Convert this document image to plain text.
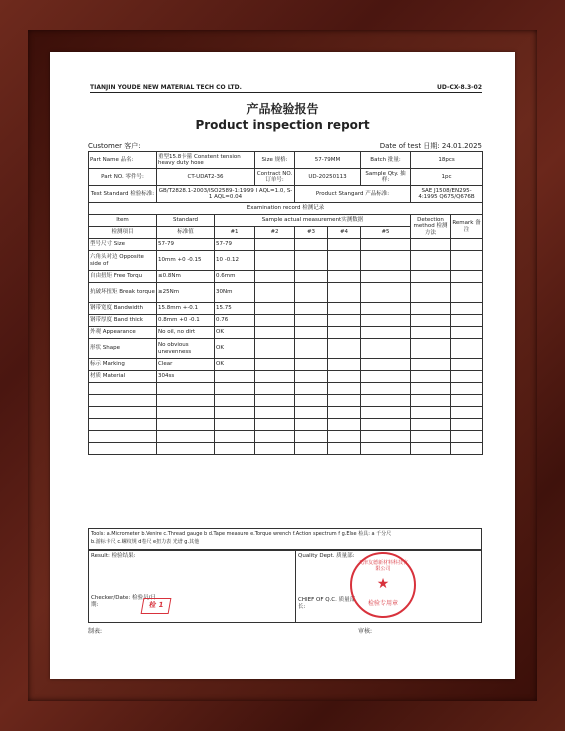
TIANJIN YOUDE NEW MATERIAL TECH CO LTD.	UD-CX-8.3-02
产品检验报告
Product inspection report
Customer 客户:	Date of test 日期: 24.01.2025
Part Name 品名:	重型15.8卡箍 Constent tension heavy duty hose		Size 规格:	57-79MM		Batch 批量:	18pcs	
Part NO. 零件号:	CT-UDAT2-36		Contract NO. 订单号:	UD-20250113		Sample Qty. 抽样:	1pc	
Test Standard 检验标准:	GB/T2828.1-2003/ISO2589-1:1999 I AQL=1.0, S-1 AQL=0.04			Product Stangard 产品标准:			SAE J1508/EN295-4:1995 Q675/Q676B	
Examination record 检测记录								
Item	Standard	Sample actual measurement实测数据					Detection method 检测方法	Remark 备注
检测项目	标准值	#1	#2	#3	#4	#5		
型号尺寸 Size	57-79	57-79						
六角头对边 Opposite side of	10mm +0 -0.15	10 -0.12						
自由扭矩 Free Torqu	≤0.8Nm	0.6mm						
抗破坏扭矩 Break torque	≥25Nm	30Nm						
钢带宽度 Bandwidth	15.8mm +-0.1	15.75						
钢带厚度 Band thick	0.8mm +0 -0.1	0.76						
外观 Appearance	No oil, no dirt	OK						
形状 Shape	No obvious unevenness	OK						
标示 Marking	Clear	OK						
材质 Material	304ss							

Tools: a.Micrometer b.Venire c.Thread gauge b d.Tape measure e.Torque wrench f.Action spectrum f g.Else 检具: a 千分尺
b.游标卡尺 c.螺纹规 d卷尺 e扭力表 光谱 g.其他
Result: 检验结果:
Checker/Date: 检验员/日期:
Quality Dept. 质量部:
CHIEF OF Q.C. 质量部长:
天津友德新材料科技有限公司
★
检验专用章
检 1
制表:	审核:
